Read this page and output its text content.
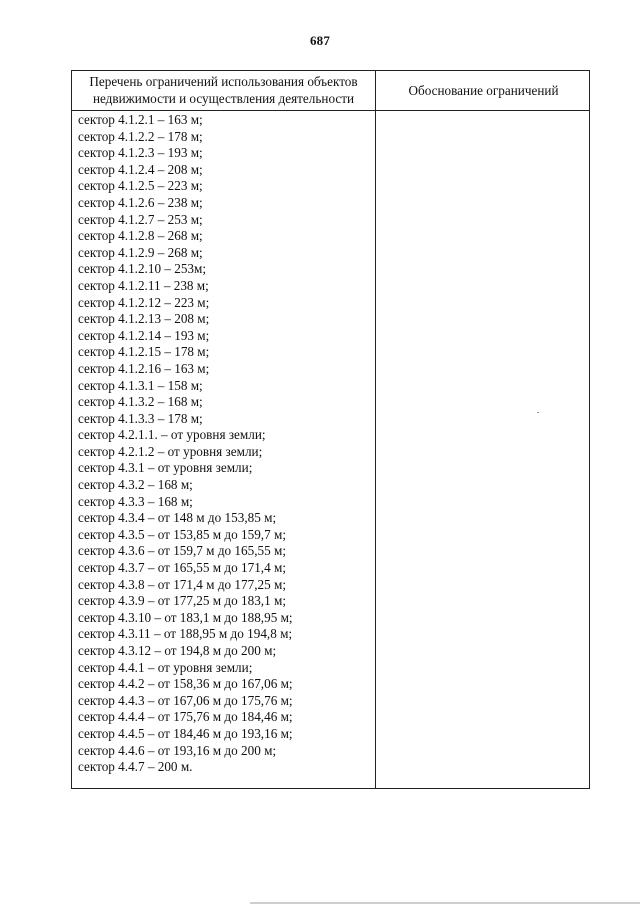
687
Перечень ограничений использования объектов
недвижимости и осуществления деятельности	Обоснование ограничений
сектор 4.1.2.1 – 163 м;
сектор 4.1.2.2 – 178 м;
сектор 4.1.2.3 – 193 м;
сектор 4.1.2.4 – 208 м;
сектор 4.1.2.5 – 223 м;
сектор 4.1.2.6 – 238 м;
сектор 4.1.2.7 – 253 м;
сектор 4.1.2.8 – 268 м;
сектор 4.1.2.9 – 268 м;
сектор 4.1.2.10 – 253м;
сектор 4.1.2.11 – 238 м;
сектор 4.1.2.12 – 223 м;
сектор 4.1.2.13 – 208 м;
сектор 4.1.2.14 – 193 м;
сектор 4.1.2.15 – 178 м;
сектор 4.1.2.16 – 163 м;
сектор 4.1.3.1 – 158 м;
сектор 4.1.3.2 – 168 м;
сектор 4.1.3.3 – 178 м;
сектор 4.2.1.1. – от уровня земли;
сектор 4.2.1.2 – от уровня земли;
сектор 4.3.1 – от уровня земли;
сектор 4.3.2 – 168 м;
сектор 4.3.3 – 168 м;
сектор 4.3.4 – от 148 м до 153,85 м;
сектор 4.3.5 – от 153,85 м до 159,7 м;
сектор 4.3.6 – от 159,7 м до 165,55 м;
сектор 4.3.7 – от 165,55 м до 171,4 м;
сектор 4.3.8 – от 171,4 м до 177,25 м;
сектор 4.3.9 – от 177,25 м до 183,1 м;
сектор 4.3.10 – от 183,1 м до 188,95 м;
сектор 4.3.11 – от 188,95 м до 194,8 м;
сектор 4.3.12 – от 194,8 м до 200 м;
сектор 4.4.1 – от уровня земли;
сектор 4.4.2 – от 158,36 м до 167,06 м;
сектор 4.4.3 – от 167,06 м до 175,76 м;
сектор 4.4.4 – от 175,76 м до 184,46 м;
сектор 4.4.5 – от 184,46 м до 193,16 м;
сектор 4.4.6 – от 193,16 м до 200 м;
сектор 4.4.7 – 200 м.
